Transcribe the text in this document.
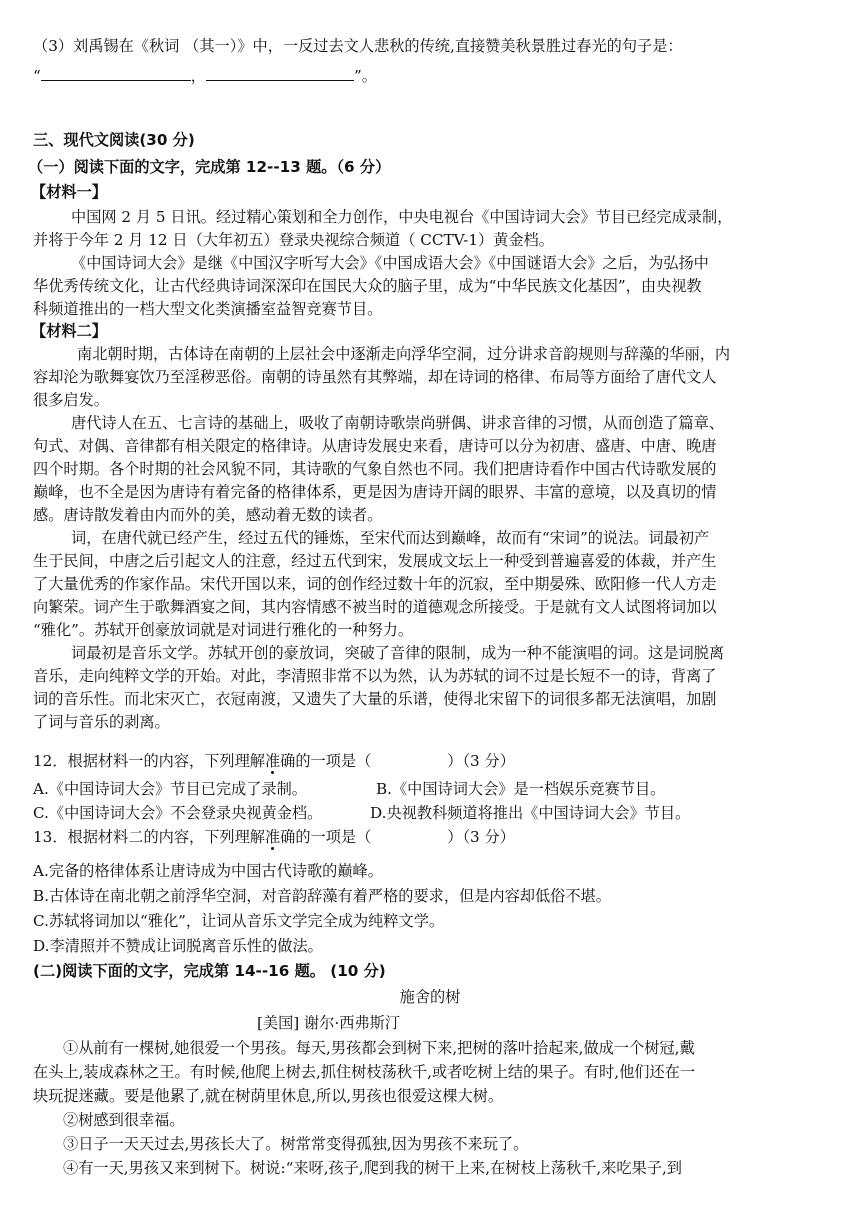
（3）刘禹锡在《秋词 （其一）》中，一反过去文人悲秋的传统,直接赞美秋景胜过春光的句子是：
“	，	”。
三、现代文阅读(30 分)
（一）阅读下面的文字，完成第 12--13 题。（6 分）
【材料一】
中国网 2 月 5 日讯。经过精心策划和全力创作，中央电视台《中国诗词大会》节目已经完成录制，
并将于今年 2 月 12 日（大年初五）登录央视综合频道（ CCTV-1）黄金档。
《中国诗词大会》是继《中国汉字听写大会》《中国成语大会》《中国谜语大会》之后，为弘扬中
华优秀传统文化，让古代经典诗词深深印在国民大众的脑子里，成为“中华民族文化基因”，由央视教
科频道推出的一档大型文化类演播室益智竞赛节目。
【材料二】
南北朝时期，古体诗在南朝的上层社会中逐渐走向浮华空洞，过分讲求音韵规则与辞藻的华丽，内
容却沦为歌舞宴饮乃至淫秽恶俗。南朝的诗虽然有其弊端，却在诗词的格律、布局等方面给了唐代文人
很多启发。
唐代诗人在五、七言诗的基础上，吸收了南朝诗歌崇尚骈偶、讲求音律的习惯，从而创造了篇章、
句式、对偶、音律都有相关限定的格律诗。从唐诗发展史来看，唐诗可以分为初唐、盛唐、中唐、晚唐
四个时期。各个时期的社会风貌不同，其诗歌的气象自然也不同。我们把唐诗看作中国古代诗歌发展的
巅峰，也不全是因为唐诗有着完备的格律体系，更是因为唐诗开阔的眼界、丰富的意境，以及真切的情
感。唐诗散发着由内而外的美，感动着无数的读者。
词，在唐代就已经产生，经过五代的锤炼，至宋代而达到巅峰，故而有“宋词”的说法。词最初产
生于民间，中唐之后引起文人的注意，经过五代到宋，发展成文坛上一种受到普遍喜爱的体裁，并产生
了大量优秀的作家作品。宋代开国以来，词的创作经过数十年的沉寂，至中期晏殊、欧阳修一代人方走
向繁荣。词产生于歌舞酒宴之间，其内容情感不被当时的道德观念所接受。于是就有文人试图将词加以
“雅化”。苏轼开创豪放词就是对词进行雅化的一种努力。
词最初是音乐文学。苏轼开创的豪放词，突破了音律的限制，成为一种不能演唱的词。这是词脱离
音乐，走向纯粹文学的开始。对此，李清照非常不以为然，认为苏轼的词不过是长短不一的诗，背离了
词的音乐性。而北宋灭亡，衣冠南渡，又遗失了大量的乐谱，使得北宋留下的词很多都无法演唱，加剧
了词与音乐的剥离。
12．根据材料一的内容，下列理解准确的一项是（	）（3 分）
A.《中国诗词大会》节目已完成了录制。	B.《中国诗词大会》是一档娱乐竞赛节目。
C.《中国诗词大会》不会登录央视黄金档。	D.央视教科频道将推出《中国诗词大会》节目。
13．根据材料二的内容，下列理解准确的一项是（	）（3 分）
A.完备的格律体系让唐诗成为中国古代诗歌的巅峰。
B.古体诗在南北朝之前浮华空洞，对音韵辞藻有着严格的要求，但是内容却低俗不堪。
C.苏轼将词加以“雅化”，让词从音乐文学完全成为纯粹文学。
D.李清照并不赞成让词脱离音乐性的做法。
(二)阅读下面的文字，完成第 14--16 题。 (10 分)
施舍的树
[美国] 谢尔·西弗斯汀
①从前有一棵树,她很爱一个男孩。每天,男孩都会到树下来,把树的落叶拾起来,做成一个树冠,戴
在头上,装成森林之王。有时候,他爬上树去,抓住树枝荡秋千,或者吃树上结的果子。有时,他们还在一
块玩捉迷藏。要是他累了,就在树荫里休息,所以,男孩也很爱这棵大树。
②树感到很幸福。
③日子一天天过去,男孩长大了。树常常变得孤独,因为男孩不来玩了。
④有一天,男孩又来到树下。树说:“来呀,孩子,爬到我的树干上来,在树枝上荡秋千,来吃果子,到
